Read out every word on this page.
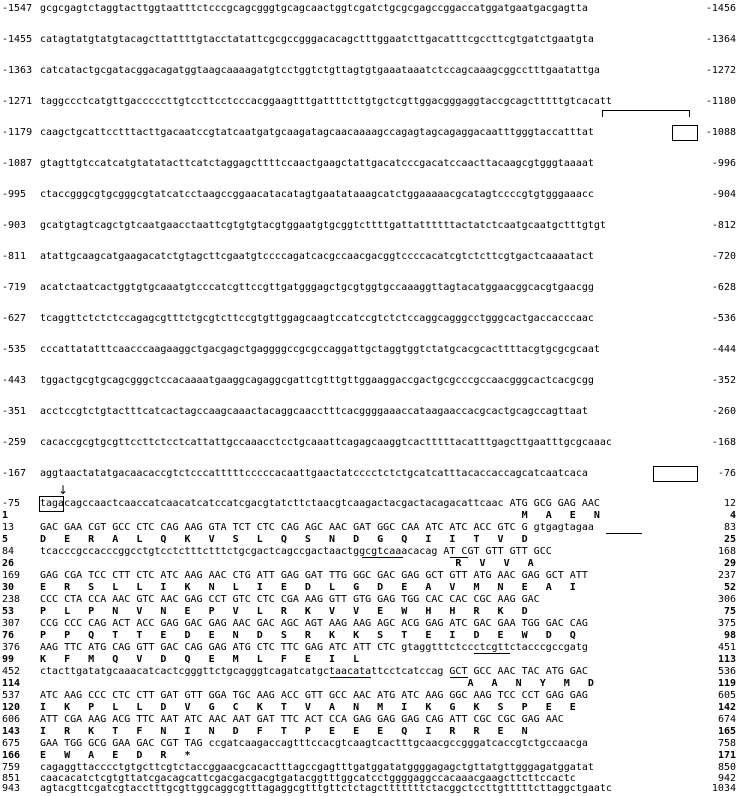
-1547 gcgcgagtctaggtacttggtaatttctcccgcagcgggtgcagcaactggtcgatctgcgcgagccggaccatggatgaatgacgagtta	-1456
-1455 catagtatgtatgtacagcttattttgtacctatattcgcgccgggacacagctttggaatcttgacatttcgccttcgtgatctgaatgta	-1364
-1363 catcatactgcgatacggacagatggtaagcaaaagatgtcctggtctgttagtgtgaaataaatctccagcaaagcggcctttgaatattga	-1272
-1271 taggccctcatgttgacccccttgtccttcctcccacggaagtttgattttcttgtgctcgttggacgggaggtaccgcagctttttgtcacatt	-1180
-1179 caagctgcattcctttacttgacaatccgtatcaatgatgcaagatagcaacaaaagccagagtagcagaggacaatttgggtaccatttat	-1088
-1087 gtagttgtccatcatgtatatacttcatctaggagcttttccaactgaagctattgacatcccgacatccaacttacaagcgtgggtaaaat	-996
-995 ctaccgggcgtgcgggcgtatcatcctaagccggaacatacatagtgaatataaagcatctggaaaaacgcatagtccccgtgtgggaaacc	-904
-903 gcatgtagtcagctgtcaatgaacctaattcgtgtgtacgtggaatgtgcggtcttttgattattttttactatctcaatgcaatgctttgtgt	-812
-811 atattgcaagcatgaagacatctgtagcttcgaatgtccccagatcacgccaacgacggtccccacatcgtctcttcgtgactcaaaatact	-720
-719 acatctaatcactggtgtgcaaatgtcccatcgttccgttgatgggagctgcgtggtgccaaaggttagtacatggaacggcacgtgaacgg	-628
-627 tcaggttctctctccagagcgtttctgcgtcttccgtgttggagcaagtccatccgtctctccaggcagggcctgggcactgaccacccaac	-536
-535 cccattatatttcaacccaagaaggctgacgagctgaggggccgcgccaggattgctaggtggtctatgcacgcacttttacgtgcgcgcaat	-444
-443 tggactgcgtgcagcgggctccacaaaatgaaggcagaggcgattcgtttgttggaaggaccgactgcgcccgccaacgggcactcacgcgg	-352
-351 acctccgtctgtactttcatcactagccaagcaaactacaggcaacctttcacggggaaaccataagaaccacgcactgcagccagttaat	-260
-259 cacaccgcgtgcgttccttctcctcattattgccaaacctcctgcaaattcagagcaaggtcactttttacatttgagcttgaatttgcgcaaac	-168
-167 aggtaactatatgacaacaccgtctcccatttttcccccacaattgaactatcccctctctgcatcatttacaccaccagcatcaatcaca	-76
-75 tagacagccaactcaaccatcaacatcatccatcgacgtatcttctaacgtcaagactacgactacagacattcaac ATG GCG GAG AAC	12
1	M   A   E   N	4
13	GAC GAA CGT GCC CTC CAG AAG GTA TCT CTC CAG AGC AAC GAT GGC CAA ATC ATC ACC GTC G gtgagtagaa	83
5	D   E   R   A   L   Q   K   V   S   L   Q   S   N   D   G   Q   I   I   T   V   D	25
84	tcacccgccacccggcctgtcctctttctttctgcgactcagccgactaactggcgtcaaacacag AT CGT GTT GTT GCC	168
26	R   V   V   A	29
169 GAG CGA TCC CTT CTC ATC AAG AAC CTG ATT GAG GAT TTG GGC GAC GAG GCT GTT ATG AAC GAG GCT ATT	237
30	E   R   S   L   L   I   K   N   L   I   E   D   L   G   D   E   A   V   M   N   E   A   I	52
238 CCC CTA CCA AAC GTC AAC GAG CCT GTC CTC CGA AAG GTT GTG GAG TGG CAC CAC CGC AAG GAC	306
53	P   L   P   N   V   N   E   P   V   L   R   K   V   V   E   W   H   H   R   K   D	75
307 CCG CCC CAG ACT ACC GAG GAC GAG AAC GAC AGC AGT AAG AAG AGC ACG GAG ATC GAC GAA TGG GAC CAG	375
76	P   P   Q   T   T   E   D   E   N   D   S   R   K   K   S   T   E   I   D   E   W   D   Q	98
376 AAG TTC ATG CAG GTT GAC CAG GAG ATG CTC TTC GAG ATC ATT CTC gtaggtttctccctcgttctacccgccgatg	451
99	K   F   M   Q   V   D   Q   E   M   L   F   E   I   L	113
452 ctacttgatatgcaaacatcactcgggttctgcagggtcagatcatgctaacatattcctcatccag GCT GCC AAC TAC ATG GAC	536
114 A   A   N   Y   M   D	119
537 ATC AAG CCC CTC CTT GAT GTT GGA TGC AAG ACC GTT GCC AAC ATG ATC AAG GGC AAG TCC CCT GAG GAG	605
120 I   K   P   L   L   D   V   G   C   K   T   V   A   N   M   I   K   G   K   S   P   E   E	142
606 ATT CGA AAG ACG TTC AAT ATC AAC AAT GAT TTC ACT CCA GAG GAG GAG CAG ATT CGC CGC GAG AAC	674
143 I   R   K   T   F   N   I   N   D   F   T   P   E   E   E   Q   I   R   R   E   N	165
675 GAA TGG GCG GAA GAC CGT TAG ccgatcaagaccagtttccacgtcaagtcactttgcaacgccgggatcaccgtctgccaacga	758
166 E   W   A   E   D   R   *	171
759 cagaggttacccctgtgcttcgtctaccggaacgcacactttagccgagtttgatggatatggggagagctgttatgttgggagatggatat	850
851 caacacatctcgtgttatcgacagcattcgacgacgacgtgatacggtttggcatcctggggaggccacaaacgaagcttcttccactc	942
943 agtacgttcgatcgtacctttgcgttggcaggcgtttagaggcgtttgttctctagctttttttctacggctccttgtttttcttaggctgaatc	1034
↓
